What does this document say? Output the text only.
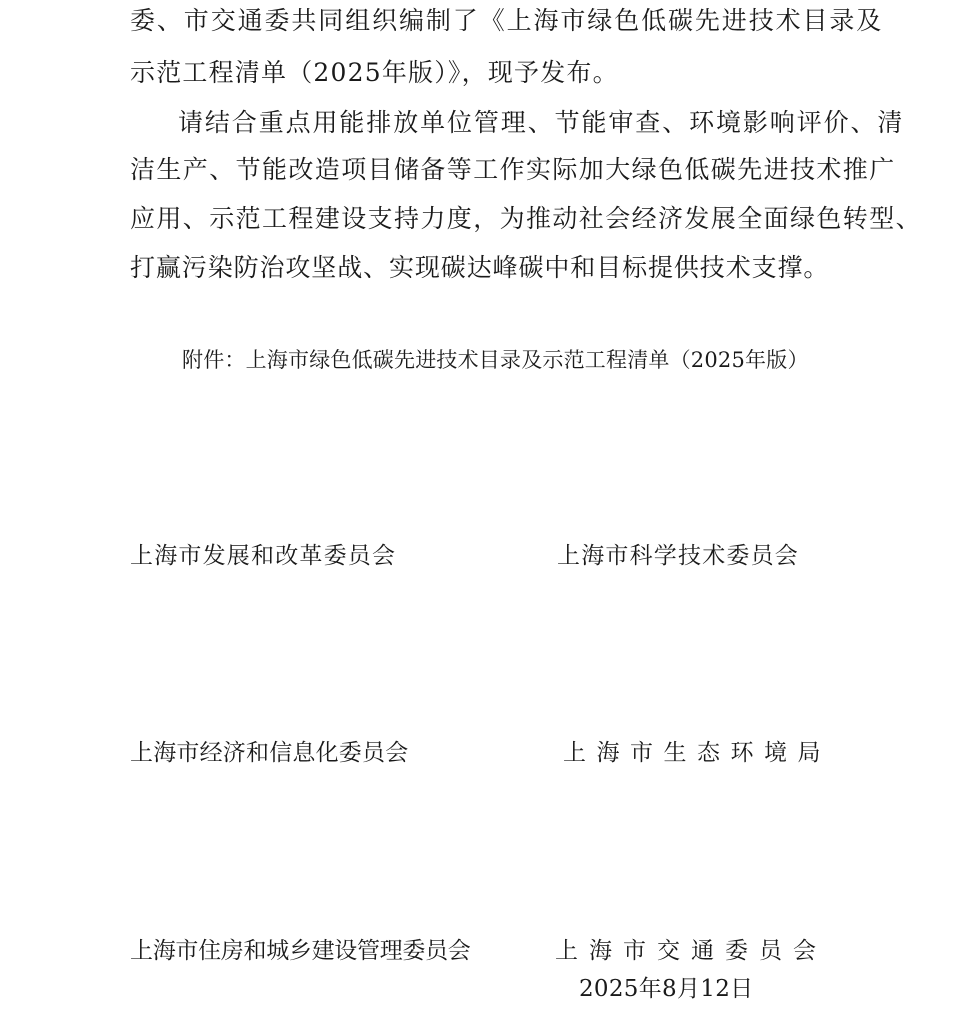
委、市交通委共同组织编制了《上海市绿色低碳先进技术目录及
示范工程清单（2025年版）》，现予发布。
请结合重点用能排放单位管理、节能审查、环境影响评价、清
洁生产、节能改造项目储备等工作实际加大绿色低碳先进技术推广
应用、示范工程建设支持力度，为推动社会经济发展全面绿色转型、
打赢污染防治攻坚战、实现碳达峰碳中和目标提供技术支撑。
附件：上海市绿色低碳先进技术目录及示范工程清单（2025年版）
上海市发展和改革委员会	上海市科学技术委员会
上海市经济和信息化委员会	上海市生态环境局
上海市住房和城乡建设管理委员会	上海市交通委员会
2025年8月12日
